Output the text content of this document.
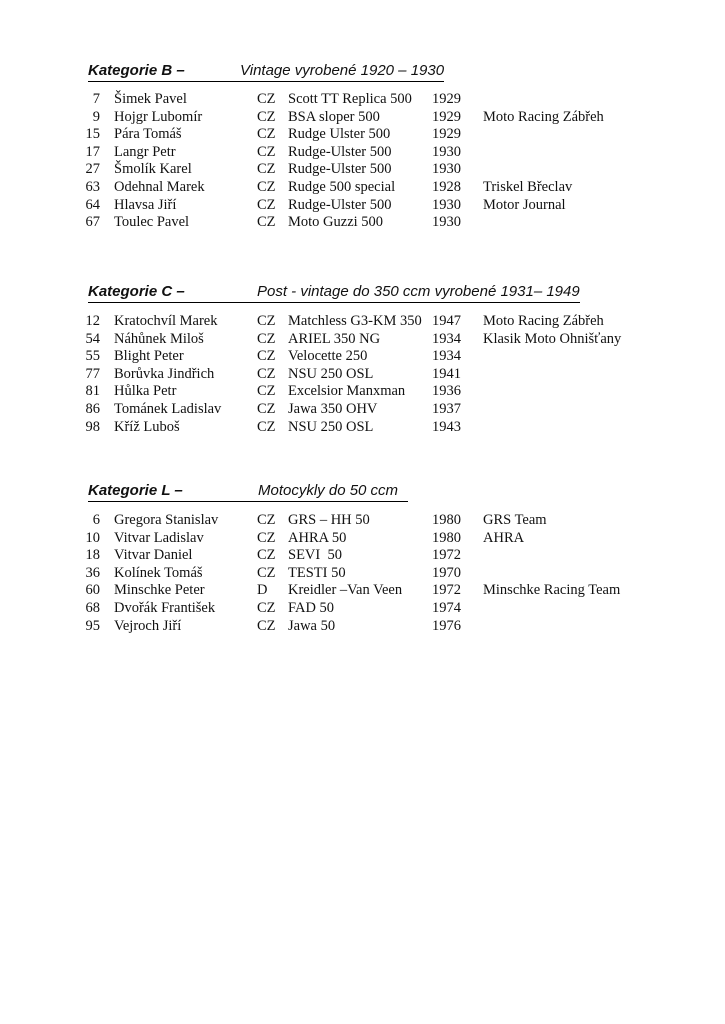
Kategorie B –	Vintage vyrobené 1920 – 1930
7 Šimek Pavel	CZ Scott TT Replica 500	1929
9 Hojgr Lubomír	CZ BSA sloper 500	1929	Moto Racing Zábřeh
15 Pára Tomáš	CZ Rudge Ulster 500	1929
17 Langr Petr	CZ Rudge-Ulster 500	1930
27 Šmolík Karel	CZ Rudge-Ulster 500	1930
63 Odehnal Marek	CZ Rudge 500 special	1928	Triskel Břeclav
64 Hlavsa Jiří	CZ Rudge-Ulster 500	1930	Motor Journal
67 Toulec Pavel	CZ Moto Guzzi 500	1930
Kategorie C –	Post - vintage do 350 ccm vyrobené 1931– 1949
12 Kratochvíl Marek	CZ Matchless G3-KM 350 1947	Moto Racing Zábřeh
54 Náhůnek Miloš	CZ ARIEL 350 NG	1934	Klasik Moto Ohnišťany
55 Blight Peter	CZ Velocette 250	1934
77 Borůvka Jindřich	CZ NSU 250 OSL	1941
81 Hůlka Petr	CZ Excelsior Manxman	1936
86 Tománek Ladislav	CZ Jawa 350 OHV	1937
98 Kříž Luboš	CZ NSU 250 OSL	1943
Kategorie L –	Motocykly do 50 ccm
6 Gregora Stanislav	CZ GRS – HH 50	1980	GRS Team
10 Vitvar Ladislav	CZ AHRA 50	1980	AHRA
18 Vitvar Daniel	CZ SEVI  50	1972
36 Kolínek Tomáš	CZ TESTI 50	1970
60 Minschke Peter	D	Kreidler –Van Veen	1972	Minschke Racing Team
68 Dvořák František	CZ FAD 50	1974
95 Vejroch Jiří	CZ Jawa 50	1976
